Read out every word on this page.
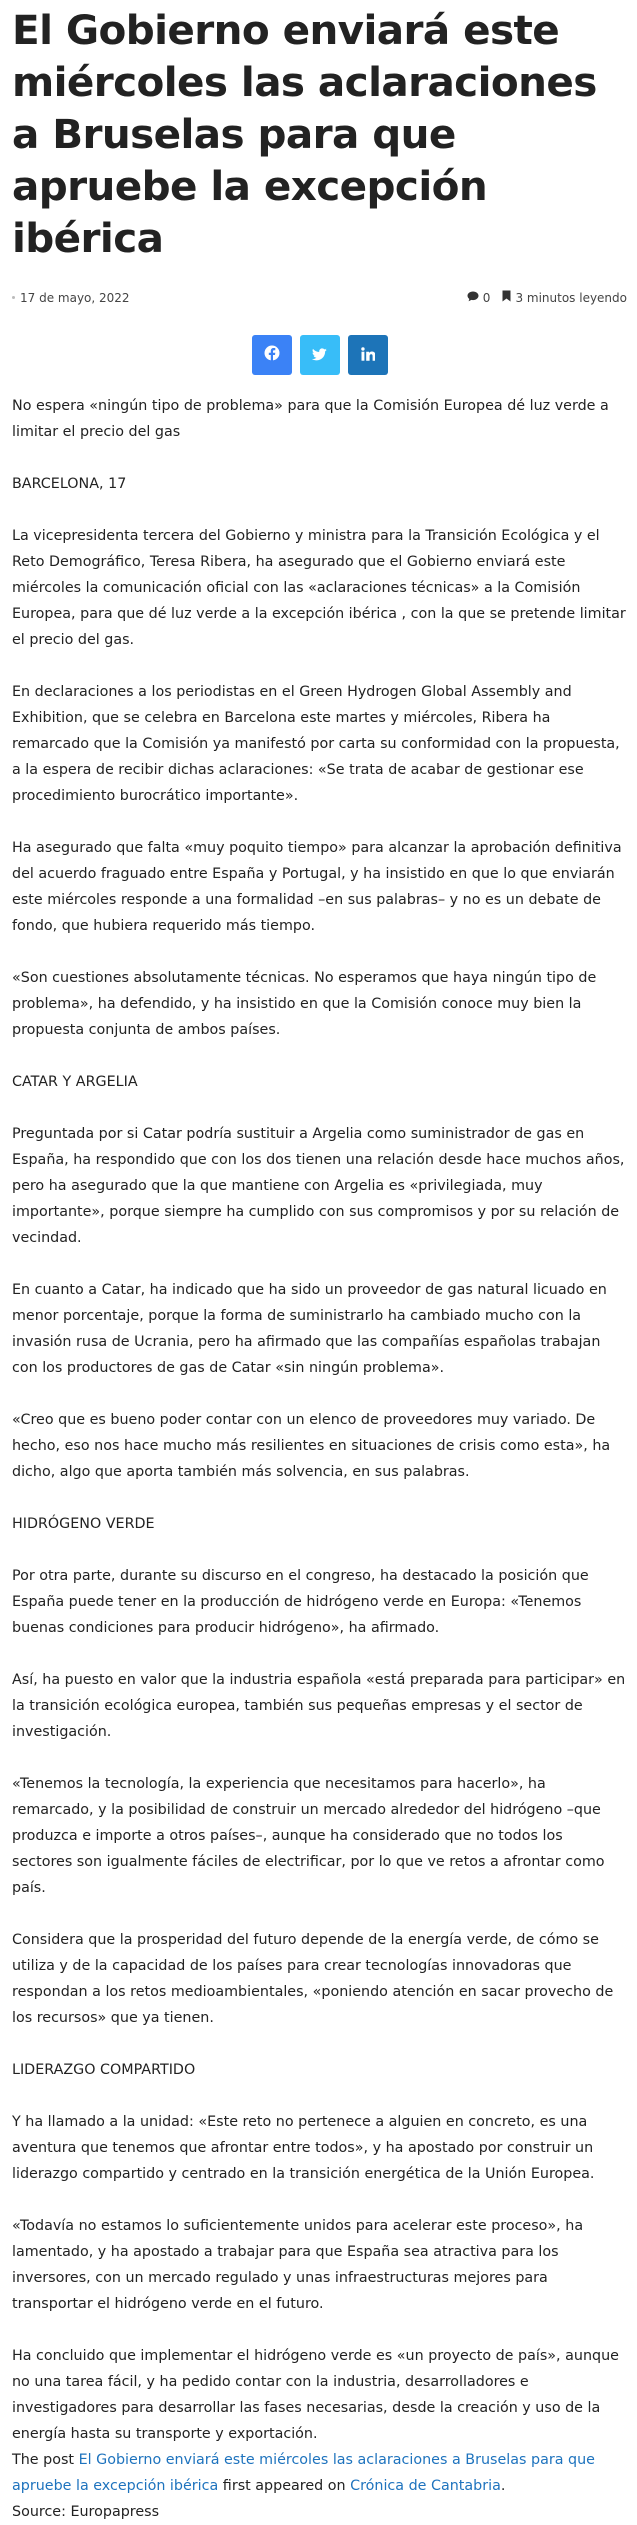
El Gobierno enviará este miércoles las aclaraciones a Bruselas para que apruebe la excepción ibérica
17 de mayo, 2022	0 3 minutos leyendo

No espera «ningún tipo de problema» para que la Comisión Europea dé luz verde a limitar el precio del gas

BARCELONA, 17

La vicepresidenta tercera del Gobierno y ministra para la Transición Ecológica y el Reto Demográfico, Teresa Ribera, ha asegurado que el Gobierno enviará este miércoles la comunicación oficial con las «aclaraciones técnicas» a la Comisión Europea, para que dé luz verde a la excepción ibérica , con la que se pretende limitar el precio del gas.

En declaraciones a los periodistas en el Green Hydrogen Global Assembly and Exhibition, que se celebra en Barcelona este martes y miércoles, Ribera ha remarcado que la Comisión ya manifestó por carta su conformidad con la propuesta, a la espera de recibir dichas aclaraciones: «Se trata de acabar de gestionar ese procedimiento burocrático importante».

Ha asegurado que falta «muy poquito tiempo» para alcanzar la aprobación definitiva del acuerdo fraguado entre España y Portugal, y ha insistido en que lo que enviarán este miércoles responde a una formalidad –en sus palabras– y no es un debate de fondo, que hubiera requerido más tiempo.

«Son cuestiones absolutamente técnicas. No esperamos que haya ningún tipo de problema», ha defendido, y ha insistido en que la Comisión conoce muy bien la propuesta conjunta de ambos países.

CATAR Y ARGELIA

Preguntada por si Catar podría sustituir a Argelia como suministrador de gas en España, ha respondido que con los dos tienen una relación desde hace muchos años, pero ha asegurado que la que mantiene con Argelia es «privilegiada, muy importante», porque siempre ha cumplido con sus compromisos y por su relación de vecindad.

En cuanto a Catar, ha indicado que ha sido un proveedor de gas natural licuado en menor porcentaje, porque la forma de suministrarlo ha cambiado mucho con la invasión rusa de Ucrania, pero ha afirmado que las compañías españolas trabajan con los productores de gas de Catar «sin ningún problema».

«Creo que es bueno poder contar con un elenco de proveedores muy variado. De hecho, eso nos hace mucho más resilientes en situaciones de crisis como esta», ha dicho, algo que aporta también más solvencia, en sus palabras.

HIDRÓGENO VERDE

Por otra parte, durante su discurso en el congreso, ha destacado la posición que España puede tener en la producción de hidrógeno verde en Europa: «Tenemos buenas condiciones para producir hidrógeno», ha afirmado.

Así, ha puesto en valor que la industria española «está preparada para participar» en la transición ecológica europea, también sus pequeñas empresas y el sector de investigación.

«Tenemos la tecnología, la experiencia que necesitamos para hacerlo», ha remarcado, y la posibilidad de construir un mercado alrededor del hidrógeno –que produzca e importe a otros países–, aunque ha considerado que no todos los sectores son igualmente fáciles de electrificar, por lo que ve retos a afrontar como país.

Considera que la prosperidad del futuro depende de la energía verde, de cómo se utiliza y de la capacidad de los países para crear tecnologías innovadoras que respondan a los retos medioambientales, «poniendo atención en sacar provecho de los recursos» que ya tienen.

LIDERAZGO COMPARTIDO

Y ha llamado a la unidad: «Este reto no pertenece a alguien en concreto, es una aventura que tenemos que afrontar entre todos», y ha apostado por construir un liderazgo compartido y centrado en la transición energética de la Unión Europea.

«Todavía no estamos lo suficientemente unidos para acelerar este proceso», ha lamentado, y ha apostado a trabajar para que España sea atractiva para los inversores, con un mercado regulado y unas infraestructuras mejores para transportar el hidrógeno verde en el futuro.

Ha concluido que implementar el hidrógeno verde es «un proyecto de país», aunque no una tarea fácil, y ha pedido contar con la industria, desarrolladores e investigadores para desarrollar las fases necesarias, desde la creación y uso de la energía hasta su transporte y exportación.

The post El Gobierno enviará este miércoles las aclaraciones a Bruselas para que apruebe la excepción ibérica first appeared on Crónica de Cantabria.

Source: Europapress
